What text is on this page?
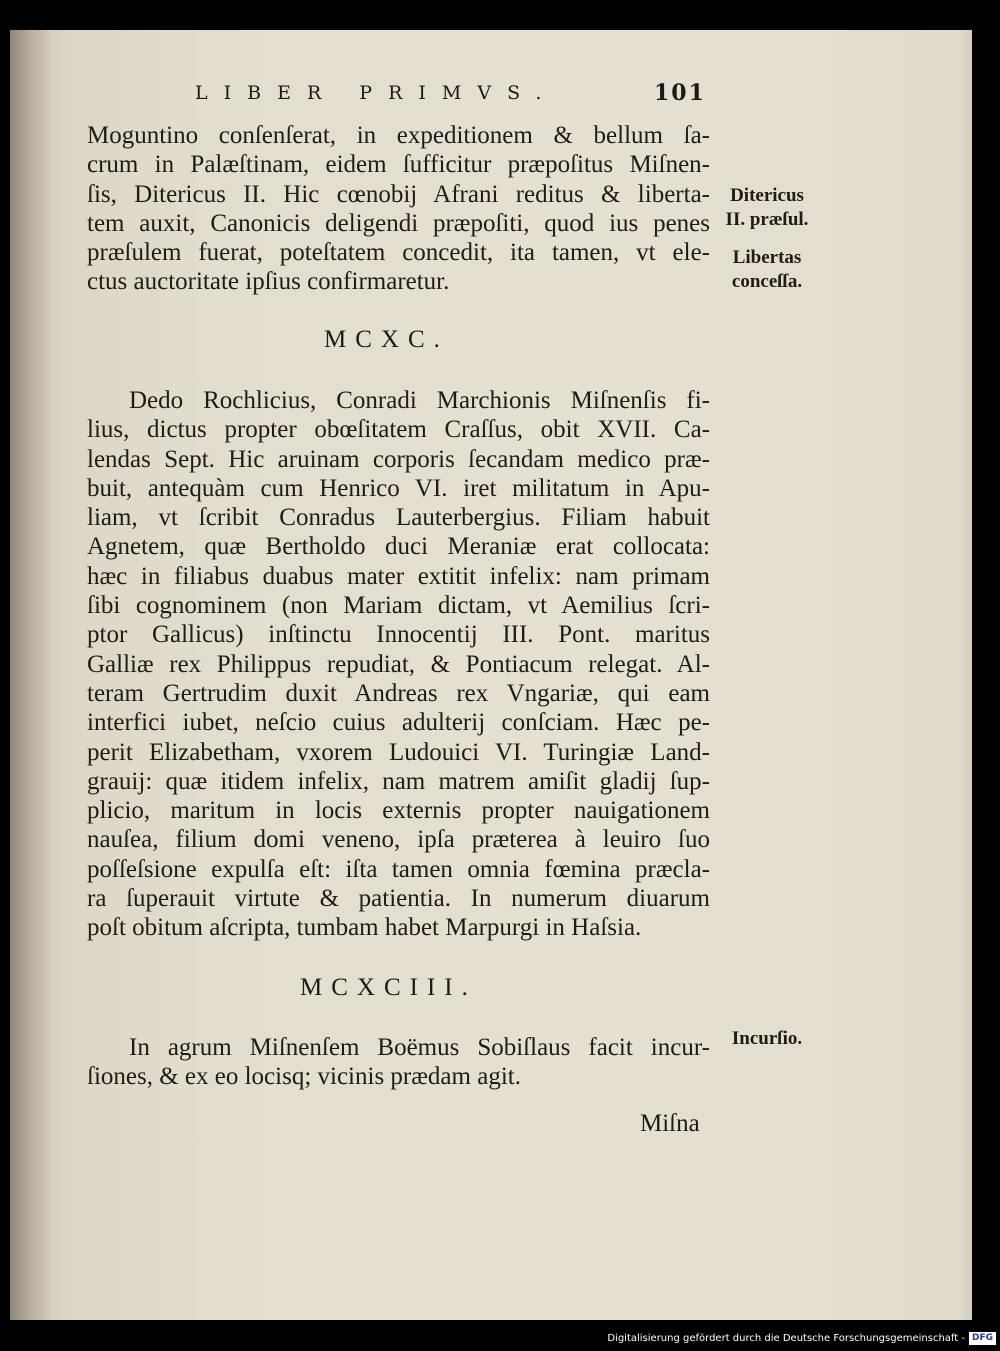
LIBER PRIMVS.	101
Moguntino conſenſerat, in expeditionem & bellum ſa-
crum in Palæſtinam, eidem ſufficitur præpoſitus Miſnen-
ſis, Ditericus II. Hic cœnobij Afrani reditus & liberta-
tem auxit, Canonicis deligendi præpoſiti, quod ius penes
præſulem fuerat, poteſtatem concedit, ita tamen, vt ele-
ctus auctoritate ipſius confirmaretur.
MCXC.
Dedo Rochlicius, Conradi Marchionis Miſnenſis fi-
lius, dictus propter obœſitatem Craſſus, obit XVII. Ca-
lendas Sept. Hic aruinam corporis ſecandam medico præ-
buit, antequàm cum Henrico VI. iret militatum in Apu-
liam, vt ſcribit Conradus Lauterbergius. Filiam habuit
Agnetem, quæ Bertholdo duci Meraniæ erat collocata:
hæc in filiabus duabus mater extitit infelix: nam primam
ſibi cognominem (non Mariam dictam, vt Aemilius ſcri-
ptor Gallicus) inſtinctu Innocentij III. Pont. maritus
Galliæ rex Philippus repudiat, & Pontiacum relegat. Al-
teram Gertrudim duxit Andreas rex Vngariæ, qui eam
interfici iubet, neſcio cuius adulterij conſciam. Hæc pe-
perit Elizabetham, vxorem Ludouici VI. Turingiæ Land-
grauij: quæ itidem infelix, nam matrem amiſit gladij ſup-
plicio, maritum in locis externis propter nauigationem
nauſea, filium domi veneno, ipſa præterea à leuiro ſuo
poſſeſsione expulſa eſt: iſta tamen omnia fœmina præcla-
ra ſuperauit virtute & patientia. In numerum diuarum
poſt obitum aſcripta, tumbam habet Marpurgi in Haſsia.
MCXCIII.
In agrum Miſnenſem Boëmus Sobiſlaus facit incur-
ſiones, & ex eo locisq; vicinis prædam agit.
Miſna
Ditericus
II. præſul.
Libertas
conceſſa.
Incurſio.
Digitalisierung gefördert durch die Deutsche Forschungsgemeinschaft - DFG
